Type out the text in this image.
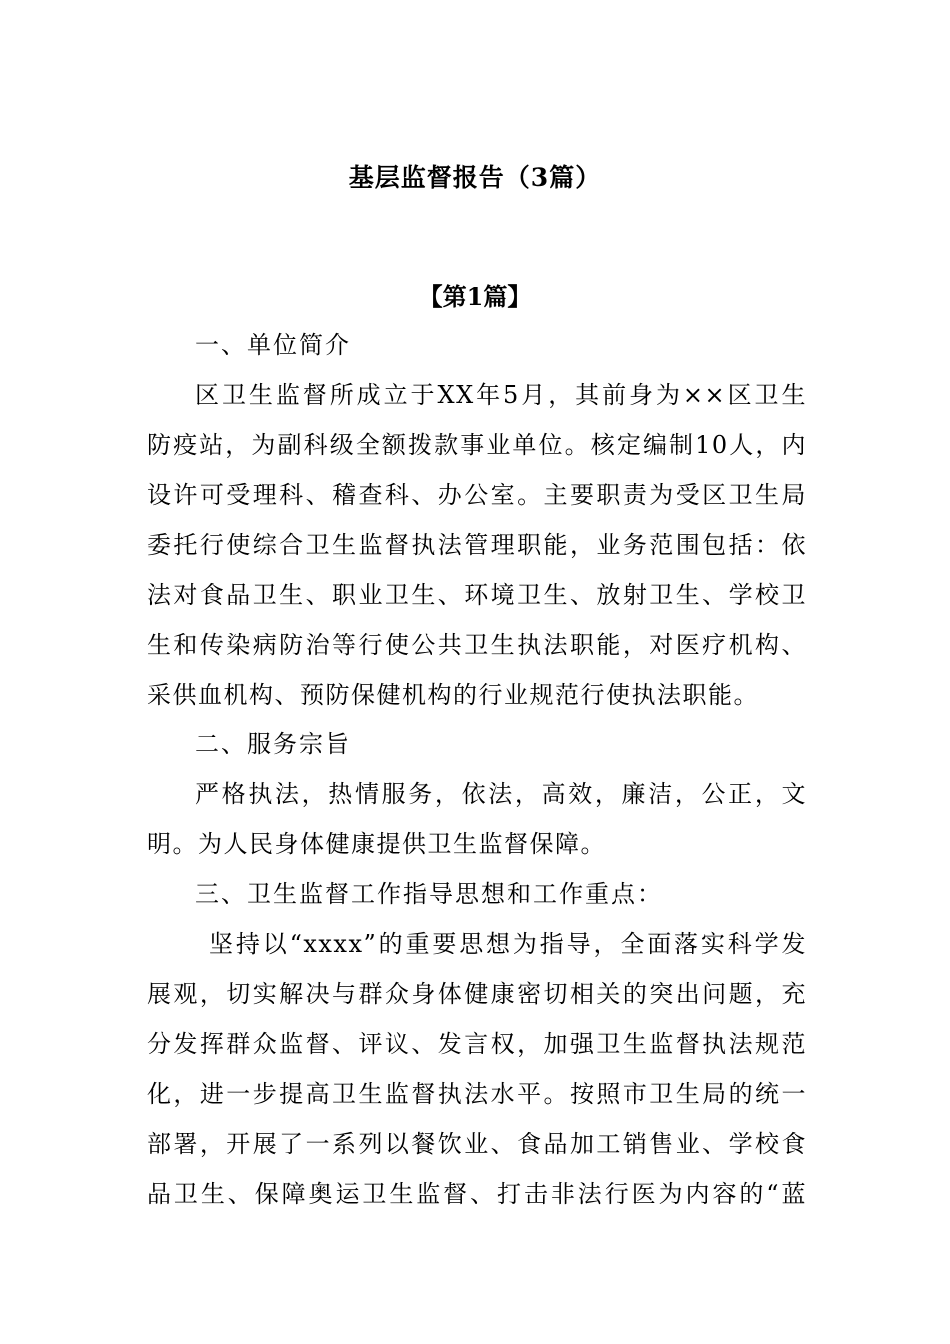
基层监督报告（3篇）
【第1篇】
一、单位简介
区卫生监督所成立于XX年5月，其前身为××区卫生
防疫站，为副科级全额拨款事业单位。核定编制10人，内
设许可受理科、稽查科、办公室。主要职责为受区卫生局
委托行使综合卫生监督执法管理职能，业务范围包括：依
法对食品卫生、职业卫生、环境卫生、放射卫生、学校卫
生和传染病防治等行使公共卫生执法职能，对医疗机构、
采供血机构、预防保健机构的行业规范行使执法职能。
二、服务宗旨
严格执法，热情服务，依法，高效，廉洁，公正，文
明。为人民身体健康提供卫生监督保障。
三、卫生监督工作指导思想和工作重点：
坚持以“xxxx”的重要思想为指导，全面落实科学发
展观，切实解决与群众身体健康密切相关的突出问题，充
分发挥群众监督、评议、发言权，加强卫生监督执法规范
化，进一步提高卫生监督执法水平。按照市卫生局的统一
部署，开展了一系列以餐饮业、食品加工销售业、学校食
品卫生、保障奥运卫生监督、打击非法行医为内容的“蓝
